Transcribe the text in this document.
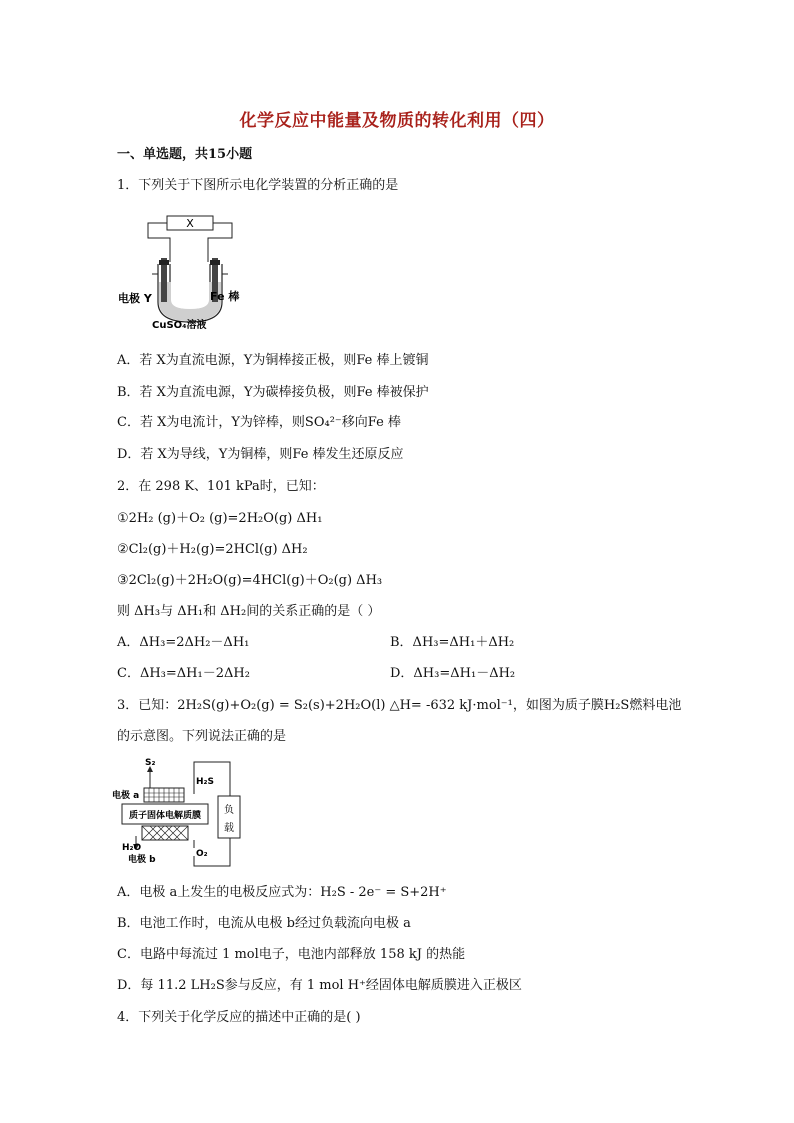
化学反应中能量及物质的转化利用（四）
一、单选题，共15小题
1．下列关于下图所示电化学装置的分析正确的是
X
电极 Y	Fe 棒
CuSO₄溶液
A．若 X为直流电源，Y为铜棒接正极，则Fe 棒上镀铜
B．若 X为直流电源，Y为碳棒接负极，则Fe 棒被保护
C．若 X为电流计，Y为锌棒，则SO₄²⁻移向Fe 棒
D．若 X为导线，Y为铜棒，则Fe 棒发生还原反应
2．在 298 K、101 kPa时，已知：
①2H₂ (g)＋O₂ (g)=2H₂O(g) ΔH₁
②Cl₂(g)＋H₂(g)=2HCl(g) ΔH₂
③2Cl₂(g)＋2H₂O(g)=4HCl(g)＋O₂(g) ΔH₃
则 ΔH₃与 ΔH₁和 ΔH₂间的关系正确的是（ ）
A．ΔH₃=2ΔH₂－ΔH₁	B．ΔH₃=ΔH₁＋ΔH₂
C．ΔH₃=ΔH₁－2ΔH₂	D．ΔH₃=ΔH₁－ΔH₂
3．已知：2H₂S(g)+O₂(g) = S₂(s)+2H₂O(l) △H= -632 kJ·mol⁻¹，如图为质子膜H₂S燃料电池
的示意图。下列说法正确的是
负
载
S₂
H₂S
电极 a
质子固体电解质膜
H₂O
电极 b
O₂
A．电极 a上发生的电极反应式为：H₂S - 2e⁻ = S+2H⁺
B．电池工作时，电流从电极 b经过负载流向电极 a
C．电路中每流过 1 mol电子，电池内部释放 158 kJ 的热能
D．每 11.2 LH₂S参与反应，有 1 mol H⁺经固体电解质膜进入正极区
4．下列关于化学反应的描述中正确的是( )
